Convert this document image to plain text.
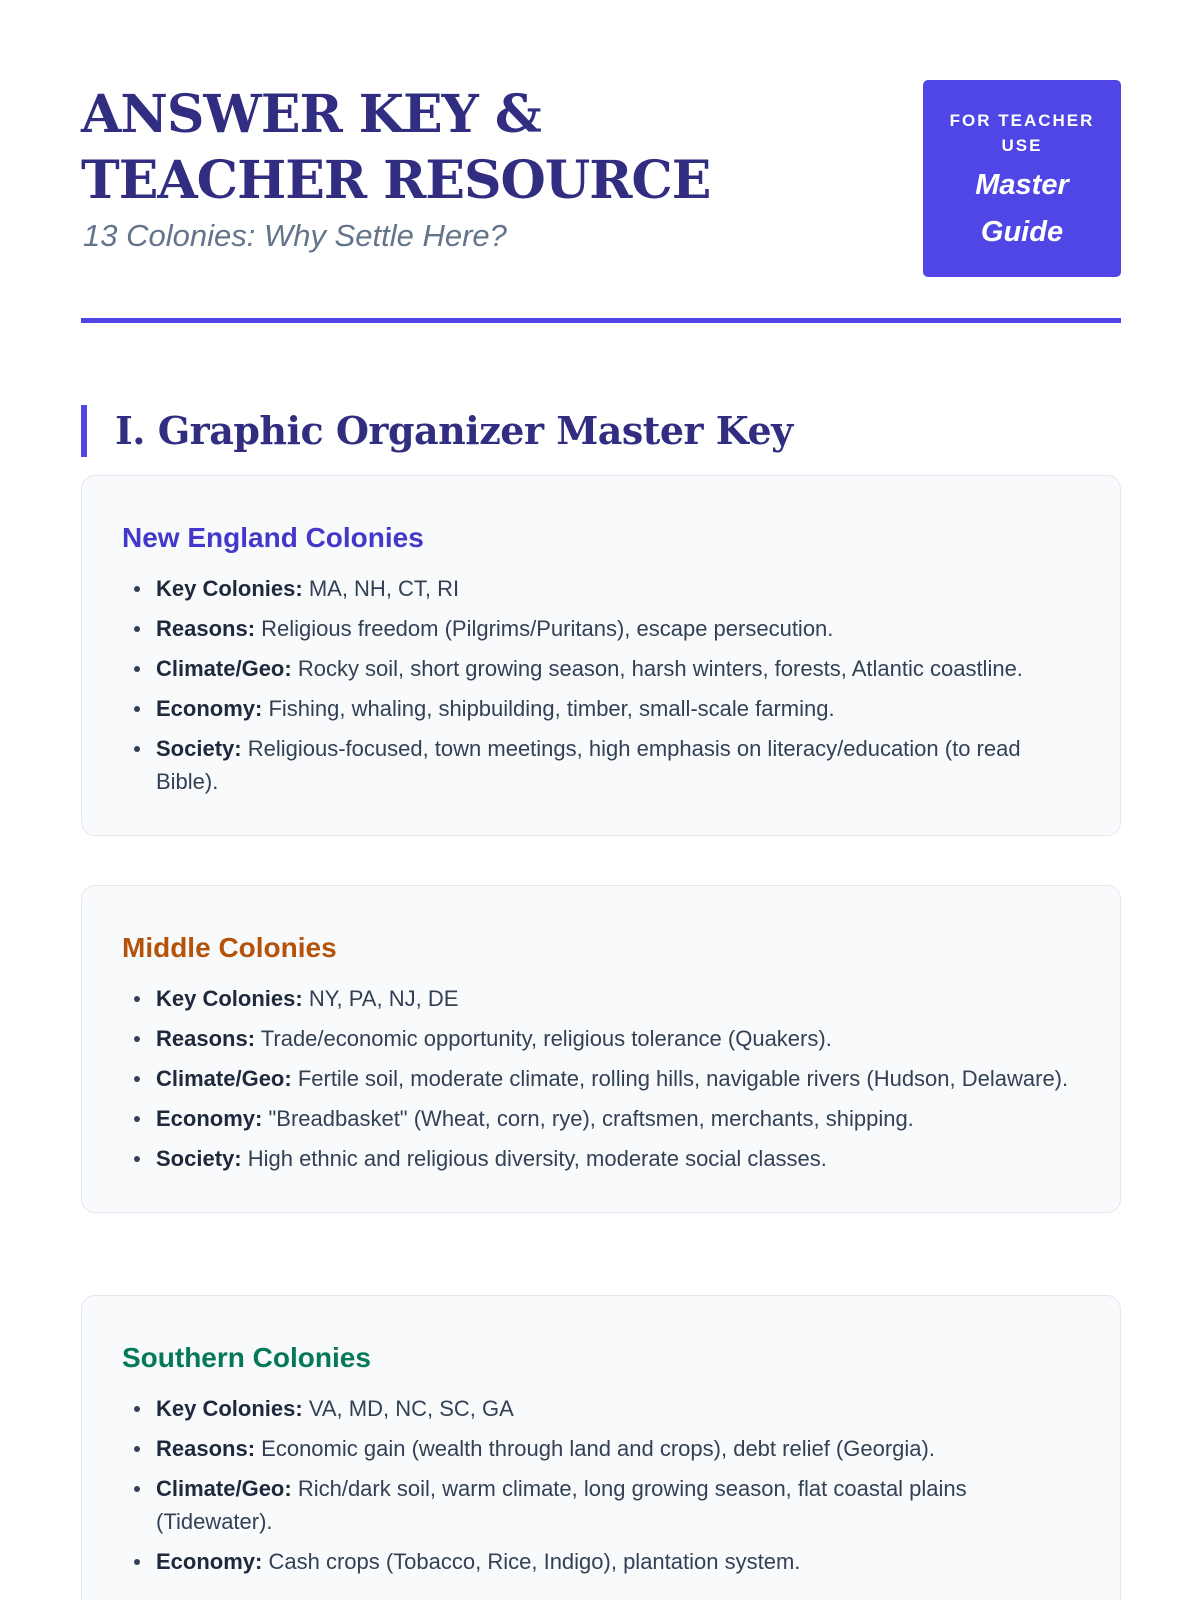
ANSWER KEY & TEACHER RESOURCE
13 Colonies: Why Settle Here?
FOR TEACHER USE
Master Guide
I. Graphic Organizer Master Key
New England Colonies
Key Colonies: MA, NH, CT, RI
Reasons: Religious freedom (Pilgrims/Puritans), escape persecution.
Climate/Geo: Rocky soil, short growing season, harsh winters, forests, Atlantic coastline.
Economy: Fishing, whaling, shipbuilding, timber, small-scale farming.
Society: Religious-focused, town meetings, high emphasis on literacy/education (to read Bible).
Middle Colonies
Key Colonies: NY, PA, NJ, DE
Reasons: Trade/economic opportunity, religious tolerance (Quakers).
Climate/Geo: Fertile soil, moderate climate, rolling hills, navigable rivers (Hudson, Delaware).
Economy: "Breadbasket" (Wheat, corn, rye), craftsmen, merchants, shipping.
Society: High ethnic and religious diversity, moderate social classes.
Southern Colonies
Key Colonies: VA, MD, NC, SC, GA
Reasons: Economic gain (wealth through land and crops), debt relief (Georgia).
Climate/Geo: Rich/dark soil, warm climate, long growing season, flat coastal plains (Tidewater).
Economy: Cash crops (Tobacco, Rice, Indigo), plantation system.
